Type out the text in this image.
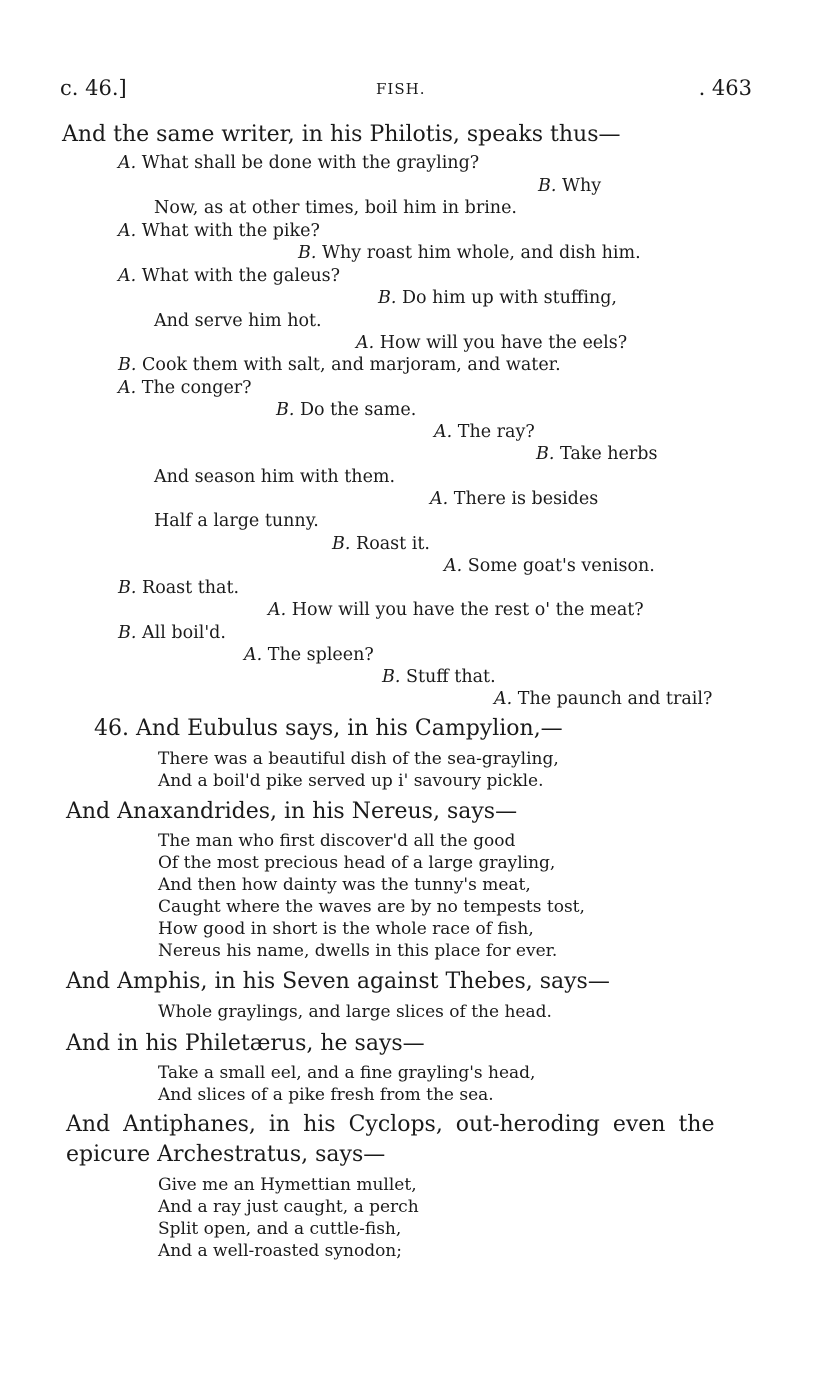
c. 46.]	FISH.	. 463
And the same writer, in his Philotis, speaks thus—
A. What shall be done with the grayling?
B. Why
Now, as at other times, boil him in brine.
A. What with the pike?
B. Why roast him whole, and dish him.
A. What with the galeus?
B. Do him up with stuffing,
And serve him hot.
A. How will you have the eels?
B. Cook them with salt, and marjoram, and water.
A. The conger?
B. Do the same.
A. The ray?
B. Take herbs
And season him with them.
A. There is besides
Half a large tunny.
B. Roast it.
A. Some goat's venison.
B. Roast that.
A. How will you have the rest o' the meat?
B. All boil'd.
A. The spleen?
B. Stuff that.
A. The paunch and trail?
46. And Eubulus says, in his Campylion,—
There was a beautiful dish of the sea-grayling,
And a boil'd pike served up i' savoury pickle.
And Anaxandrides, in his Nereus, says—
The man who first discover'd all the good
Of the most precious head of a large grayling,
And then how dainty was the tunny's meat,
Caught where the waves are by no tempests tost,
How good in short is the whole race of fish,
Nereus his name, dwells in this place for ever.
And Amphis, in his Seven against Thebes, says—
Whole graylings, and large slices of the head.
And in his Philetærus, he says—
Take a small eel, and a fine grayling's head,
And slices of a pike fresh from the sea.
And Antiphanes, in his Cyclops, out-heroding even the
epicure Archestratus, says—
Give me an Hymettian mullet,
And a ray just caught, a perch
Split open, and a cuttle-fish,
And a well-roasted synodon;
